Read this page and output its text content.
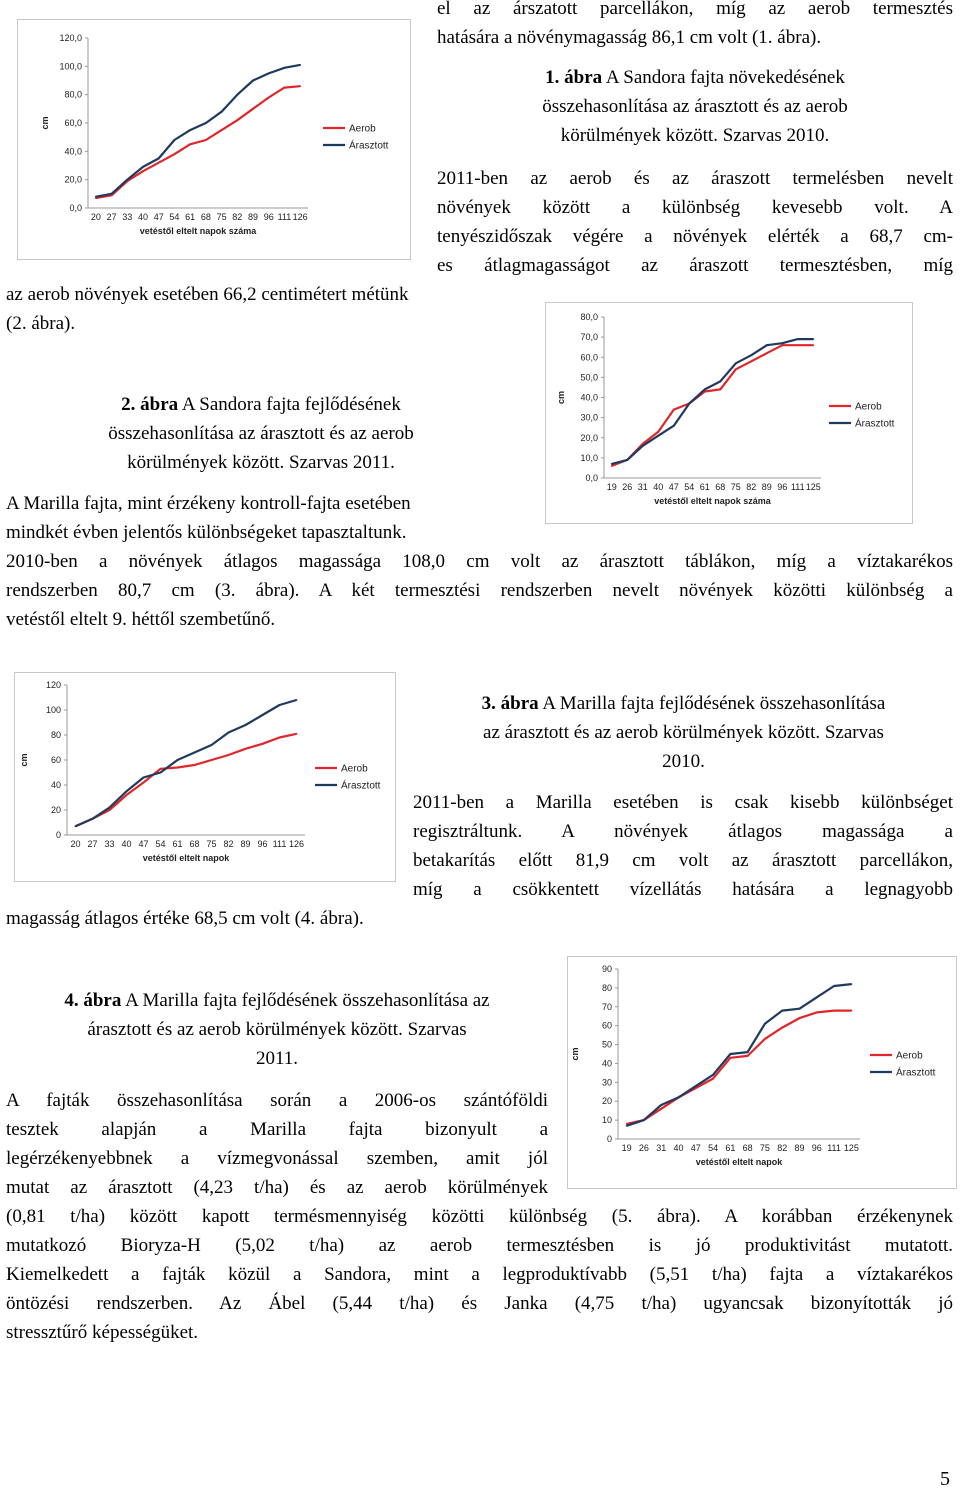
el az árszatott parcellákon, míg az aerob termesztés
hatására a növénymagasság 86,1 cm volt (1. ábra).
0,0
20,0
40,0
60,0
80,0
100,0
120,0
20 27 33 40 47 54 61 68 75 82 89 96 111 126
cm
vetéstől eltelt napok száma
Aerob
Árasztott
1. ábra A Sandora fajta növekedésének
összehasonlítása az árasztott és az aerob
körülmények között. Szarvas 2010.
2011-ben az aerob és az áraszott termelésben nevelt
növények között a különbség kevesebb volt. A
tenyészidőszak végére a növények elérték a 68,7 cm-
es átlagmagasságot az áraszott termesztésben, míg
az aerob növények esetében 66,2 centimétert métünk
(2. ábra).
0,0
10,0
20,0
30,0
40,0
50,0
60,0
70,0
80,0
19 26 31 40 47 54 61 68 75 82 89 96 111 125
cm
vetéstől eltelt napok száma
Aerob
Árasztott
2. ábra A Sandora fajta fejlődésének
összehasonlítása az árasztott és az aerob
körülmények között. Szarvas 2011.
A Marilla fajta, mint érzékeny kontroll-fajta esetében
mindkét évben jelentős különbségeket tapasztaltunk.
2010-ben a növények átlagos magassága 108,0 cm volt az árasztott táblákon, míg a víztakarékos
rendszerben 80,7 cm (3. ábra). A két termesztési rendszerben nevelt növények közötti különbség a
vetéstől eltelt 9. héttől szembetűnő.
0
20
40
60
80
100
120
20 27 33 40 47 54 61 68 75 82 89 96 111 126
cm
vetéstől eltelt napok
Aerob
Árasztott
3. ábra A Marilla fajta fejlődésének összehasonlítása
az árasztott és az aerob körülmények között. Szarvas
2010.
2011-ben a Marilla esetében is csak kisebb különbséget
regisztráltunk. A növények átlagos magassága a
betakarítás előtt 81,9 cm volt az árasztott parcellákon,
míg a csökkentett vízellátás hatására a legnagyobb
magasság átlagos értéke 68,5 cm volt (4. ábra).
0
10
20
30
40
50
60
70
80
90
19 26 31 40 47 54 61 68 75 82 89 96 111 125
cm
vetéstől eltelt napok
Aerob
Árasztott
4. ábra A Marilla fajta fejlődésének összehasonlítása az
árasztott és az aerob körülmények között. Szarvas
2011.
A fajták összehasonlítása során a 2006-os szántóföldi
tesztek alapján a Marilla fajta bizonyult a
legérzékenyebbnek a vízmegvonással szemben, amit jól
mutat az árasztott (4,23 t/ha) és az aerob körülmények
(0,81 t/ha) között kapott termésmennyiség közötti különbség (5. ábra). A korábban érzékenynek
mutatkozó Bioryza-H (5,02 t/ha) az aerob termesztésben is jó produktivitást mutatott.
Kiemelkedett a fajták közül a Sandora, mint a legproduktívabb (5,51 t/ha) fajta a víztakarékos
öntözési rendszerben. Az Ábel (5,44 t/ha) és Janka (4,75 t/ha) ugyancsak bizonyították jó
stressztűrő képességüket.
5
